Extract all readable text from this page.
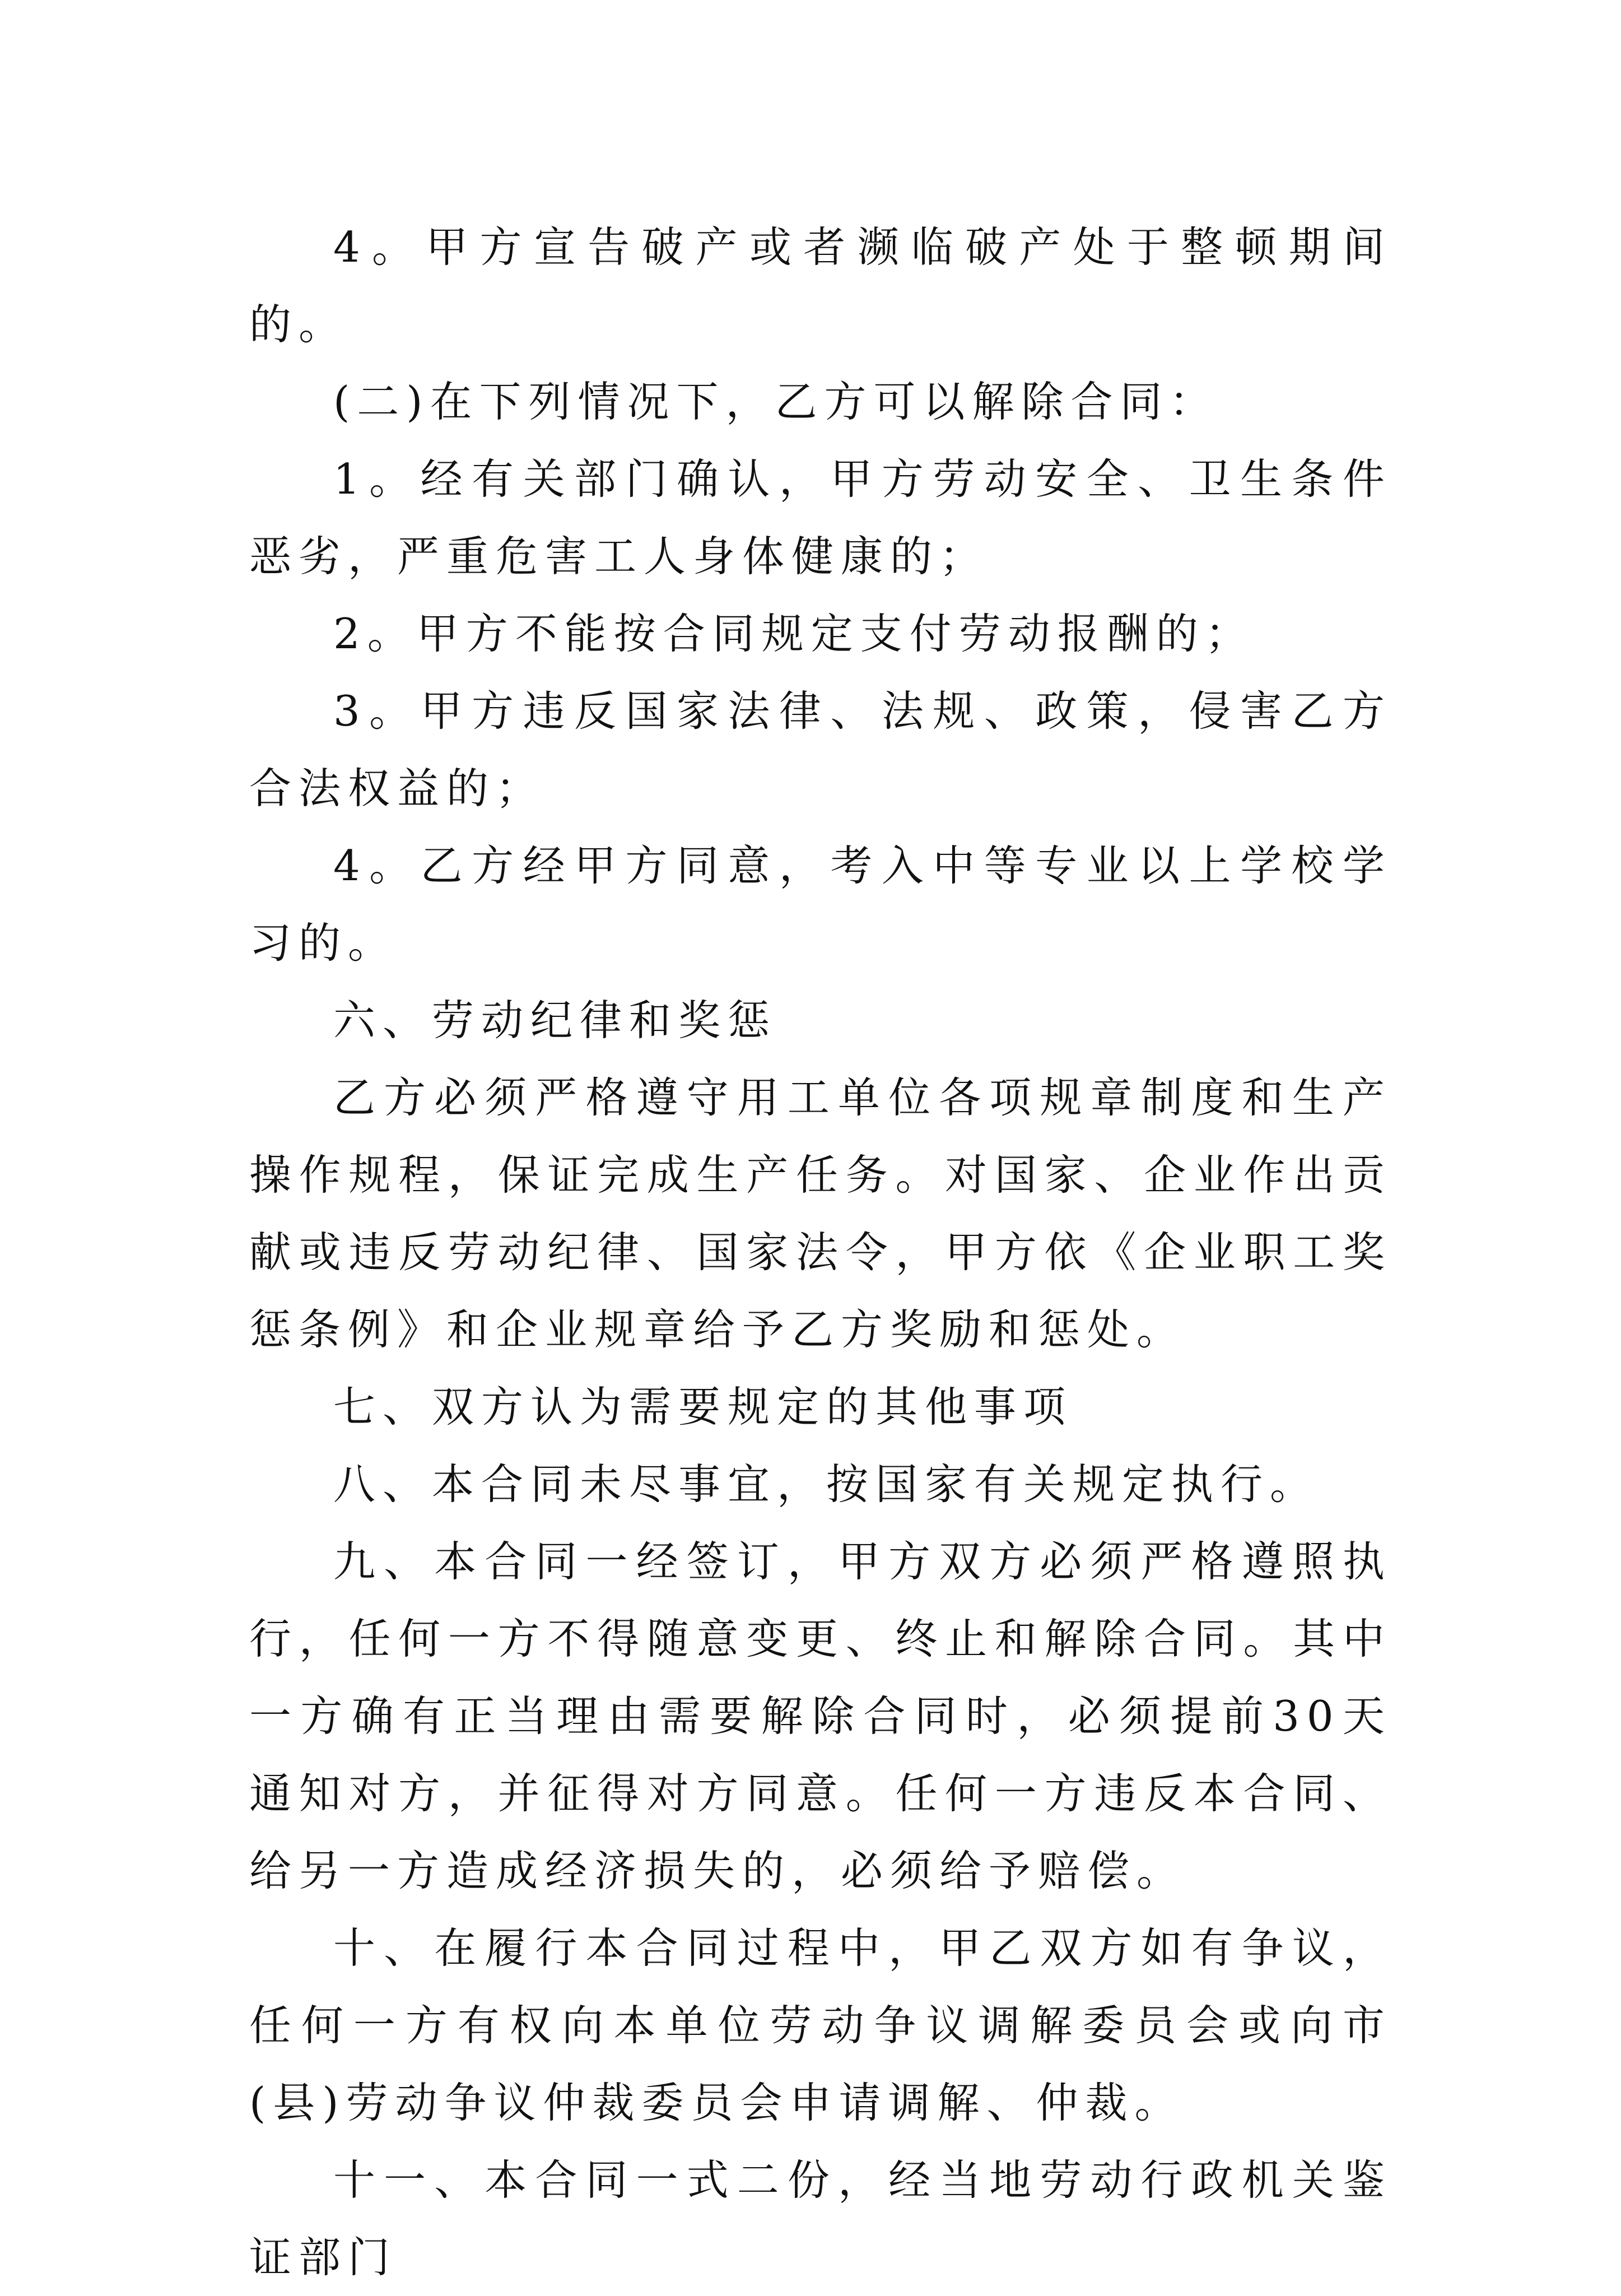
4。甲方宣告破产或者濒临破产处于整顿期间的。

(二)在下列情况下，乙方可以解除合同：

1。经有关部门确认，甲方劳动安全、卫生条件恶劣，严重危害工人身体健康的；

2。甲方不能按合同规定支付劳动报酬的；

3。甲方违反国家法律、法规、政策，侵害乙方合法权益的；

4。乙方经甲方同意，考入中等专业以上学校学习的。

六、劳动纪律和奖惩

乙方必须严格遵守用工单位各项规章制度和生产操作规程，保证完成生产任务。对国家、企业作出贡献或违反劳动纪律、国家法令，甲方依《企业职工奖惩条例》和企业规章给予乙方奖励和惩处。

七、双方认为需要规定的其他事项

八、本合同未尽事宜，按国家有关规定执行。

九、本合同一经签订，甲方双方必须严格遵照执行，任何一方不得随意变更、终止和解除合同。其中一方确有正当理由需要解除合同时，必须提前30天通知对方，并征得对方同意。任何一方违反本合同、给另一方造成经济损失的，必须给予赔偿。

十、在履行本合同过程中，甲乙双方如有争议，任何一方有权向本单位劳动争议调解委员会或向市(县)劳动争议仲裁委员会申请调解、仲裁。

十一、本合同一式二份，经当地劳动行政机关鉴证部门
